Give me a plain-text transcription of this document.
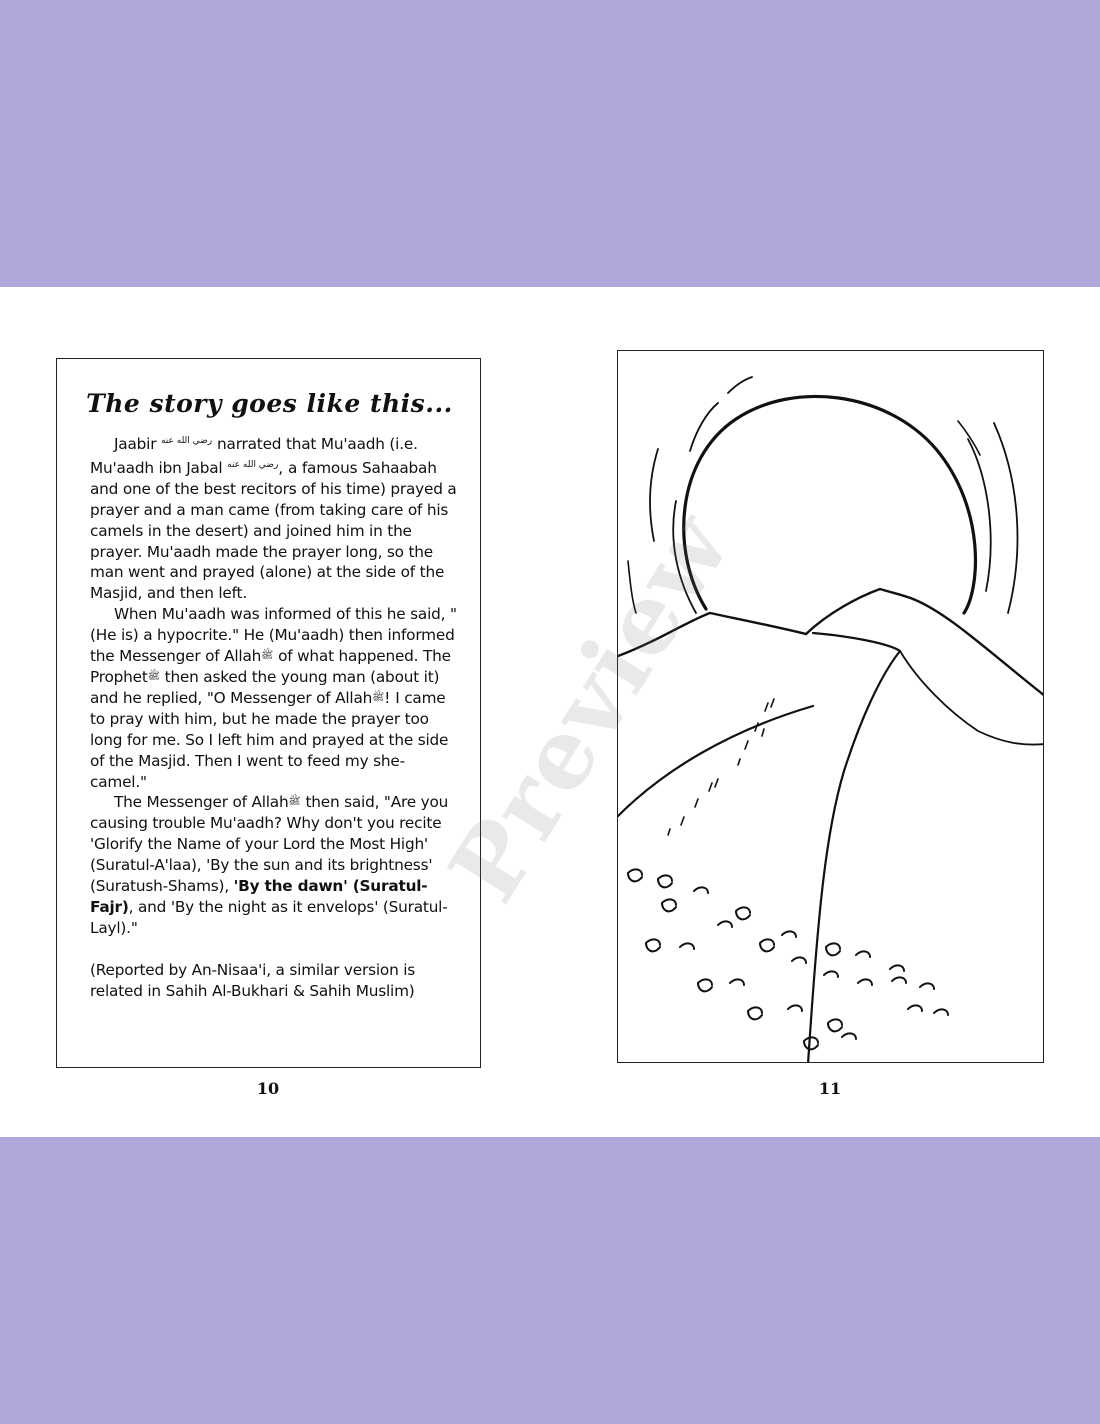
The story goes like this...

Jaabir $^{رضي الله عنه}$ narrated that Mu'aadh (i.e. Mu'aadh ibn Jabal $^{رضي الله عنه}$, a famous Sahaabah and one of the best recitors of his time) prayed a prayer and a man came (from taking care of his camels in the desert) and joined him in the prayer. Mu'aadh made the prayer long, so the man went and prayed (alone) at the side of the Masjid, and then left.

When Mu'aadh was informed of this he said, "(He is) a hypocrite." He (Mu'aadh) then informed the Messenger of Allahﷺ of what happened. The Prophetﷺ then asked the young man (about it) and he replied, "O Messenger of Allahﷺ! I came to pray with him, but he made the prayer too long for me. So I left him and prayed at the side of the Masjid. Then I went to feed my she-camel."

The Messenger of Allahﷺ then said, "Are you causing trouble Mu'aadh? Why don't you recite 'Glorify the Name of your Lord the Most High' (Suratul-A'laa), 'By the sun and its brightness' (Suratush-Shams), 'By the dawn' (Suratul-Fajr), and 'By the night as it envelops' (Suratul-Layl)."

(Reported by An-Nisaa'i, a similar version is related in Sahih Al-Bukhari & Sahih Muslim)

10	11
Preview
